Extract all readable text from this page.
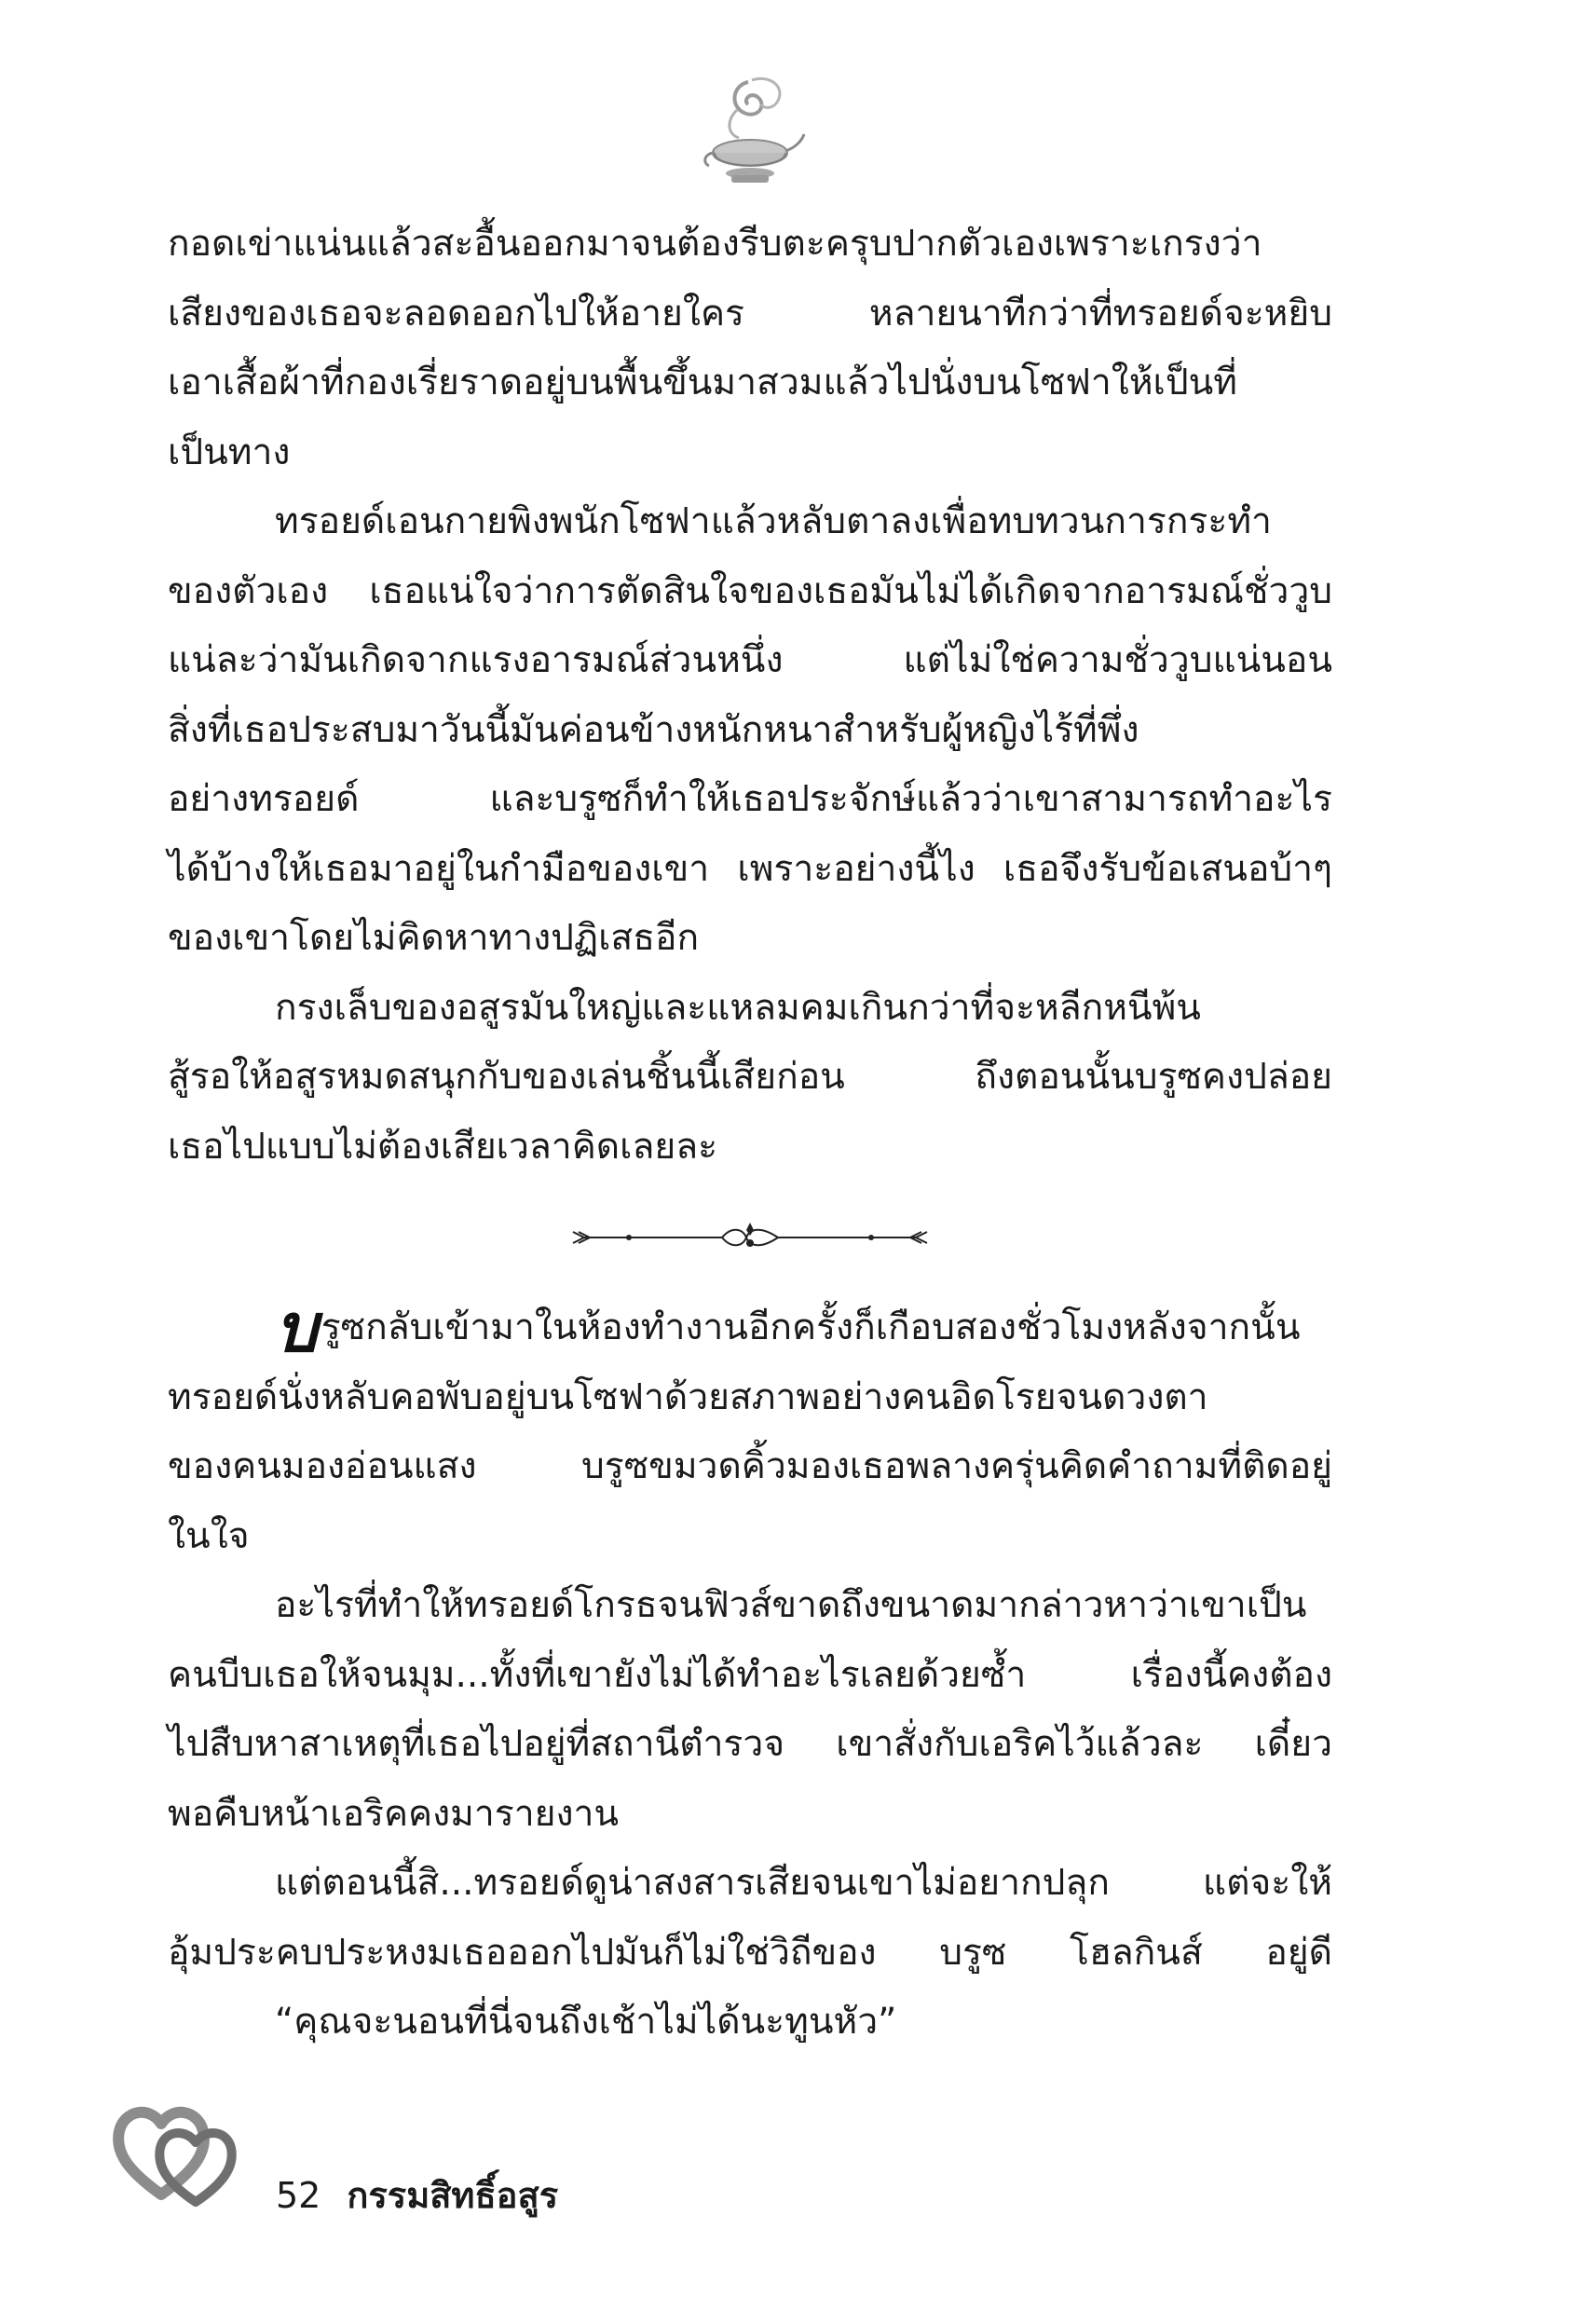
กอดเข่าแน่นแล้วสะอื้นออกมาจนต้องรีบตะครุบปากตัวเองเพราะเกรงว่า
เสียงของเธอจะลอดออกไปให้อายใคร หลายนาทีกว่าที่ทรอยด์จะหยิบ
เอาเสื้อผ้าที่กองเรี่ยราดอยู่บนพื้นขึ้นมาสวมแล้วไปนั่งบนโซฟาให้เป็นที่
เป็นทาง
ทรอยด์เอนกายพิงพนักโซฟาแล้วหลับตาลงเพื่อทบทวนการกระทำ
ของตัวเอง เธอแน่ใจว่าการตัดสินใจของเธอมันไม่ได้เกิดจากอารมณ์ชั่ววูบ
แน่ละว่ามันเกิดจากแรงอารมณ์ส่วนหนึ่ง แต่ไม่ใช่ความชั่ววูบแน่นอน
สิ่งที่เธอประสบมาวันนี้มันค่อนข้างหนักหนาสำหรับผู้หญิงไร้ที่พึ่ง
อย่างทรอยด์ และบรูซก็ทำให้เธอประจักษ์แล้วว่าเขาสามารถทำอะไร
ได้บ้างให้เธอมาอยู่ในกำมือของเขา เพราะอย่างนี้ไง เธอจึงรับข้อเสนอบ้าๆ
ของเขาโดยไม่คิดหาทางปฏิเสธอีก
กรงเล็บของอสูรมันใหญ่และแหลมคมเกินกว่าที่จะหลีกหนีพ้น
สู้รอให้อสูรหมดสนุกกับของเล่นชิ้นนี้เสียก่อน ถึงตอนนั้นบรูซคงปล่อย
เธอไปแบบไม่ต้องเสียเวลาคิดเลยละ
บ รูซกลับเข้ามาในห้องทำงานอีกครั้งก็เกือบสองชั่วโมงหลังจากนั้น
ทรอยด์นั่งหลับคอพับอยู่บนโซฟาด้วยสภาพอย่างคนอิดโรยจนดวงตา
ของคนมองอ่อนแสง บรูซขมวดคิ้วมองเธอพลางครุ่นคิดคำถามที่ติดอยู่
ในใจ
อะไรที่ทำให้ทรอยด์โกรธจนฟิวส์ขาดถึงขนาดมากล่าวหาว่าเขาเป็น
คนบีบเธอให้จนมุม...ทั้งที่เขายังไม่ได้ทำอะไรเลยด้วยซ้ำ เรื่องนี้คงต้อง
ไปสืบหาสาเหตุที่เธอไปอยู่ที่สถานีตำรวจ เขาสั่งกับเอริคไว้แล้วละ เดี๋ยว
พอคืบหน้าเอริคคงมารายงาน
แต่ตอนนี้สิ...ทรอยด์ดูน่าสงสารเสียจนเขาไม่อยากปลุก แต่จะให้
อุ้มประคบประหงมเธอออกไปมันก็ไม่ใช่วิถีของ บรูซ โฮลกินส์ อยู่ดี
“คุณจะนอนที่นี่จนถึงเช้าไม่ได้นะทูนหัว”
52 กรรมสิทธิ์อสูร
